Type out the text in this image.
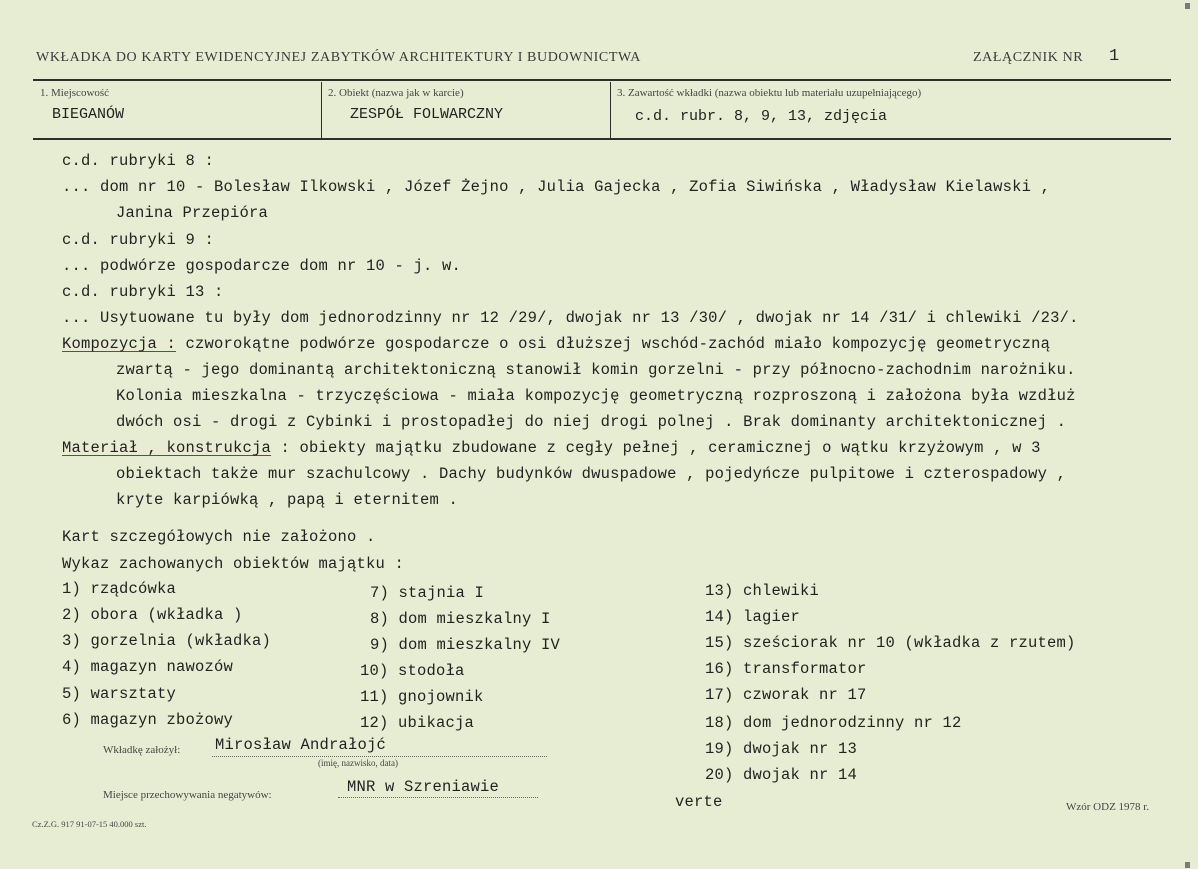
WKŁADKA DO KARTY EWIDENCYJNEJ ZABYTKÓW ARCHITEKTURY I BUDOWNICTWA	ZAŁĄCZNIK NR 1
1. Miejscowość
BIEGANÓW
2. Obiekt (nazwa jak w karcie)
ZESPÓŁ FOLWARCZNY
3. Zawartość wkładki (nazwa obiektu lub materiału uzupełniającego)
c.d. rubr. 8, 9, 13, zdjęcia
c.d. rubryki 8 :
... dom nr 10 - Bolesław Ilkowski , Józef Żejno , Julia Gajecka , Zofia Siwińska , Władysław Kielawski ,
Janina Przepióra
c.d. rubryki 9 :
... podwórze gospodarcze dom nr 10 - j. w.
c.d. rubryki 13 :
... Usytuowane tu były dom jednorodzinny nr 12 /29/, dwojak nr 13 /30/ , dwojak nr 14 /31/ i chlewiki /23/.
Kompozycja : czworokątne podwórze gospodarcze o osi dłuższej wschód-zachód miało kompozycję geometryczną
zwartą - jego dominantą architektoniczną stanowił komin gorzelni - przy północno-zachodnim narożniku.
Kolonia mieszkalna - trzyczęściowa - miała kompozycję geometryczną rozproszoną i założona była wzdłuż
dwóch osi - drogi z Cybinki i prostopadłej do niej drogi polnej . Brak dominanty architektonicznej .
Materiał , konstrukcja : obiekty majątku zbudowane z cegły pełnej , ceramicznej o wątku krzyżowym , w 3
obiektach także mur szachulcowy . Dachy budynków dwuspadowe , pojedyńcze pulpitowe i czterospadowy ,
kryte karpiówką , papą i eternitem .
Kart szczegółowych nie założono .
Wykaz zachowanych obiektów majątku :
1) rządcówka
2) obora (wkładka )
3) gorzelnia (wkładka)
4) magazyn nawozów
5) warsztaty
6) magazyn zbożowy
7) stajnia I
8) dom mieszkalny I
9) dom mieszkalny IV
10) stodoła
11) gnojownik
12) ubikacja
13) chlewiki
14) lagier
15) sześciorak nr 10 (wkładka z rzutem)
16) transformator
17) czworak nr 17
18) dom jednorodzinny nr 12
19) dwojak nr 13
20) dwojak nr 14
Wkładkę założył: Mirosław Andrałojć
(imię, nazwisko, data)
Miejsce przechowywania negatywów:	MNR w Szreniawie
verte	Wzór ODZ 1978 r.
Cz.Z.G. 917 91-07-15 40.000 szt.
